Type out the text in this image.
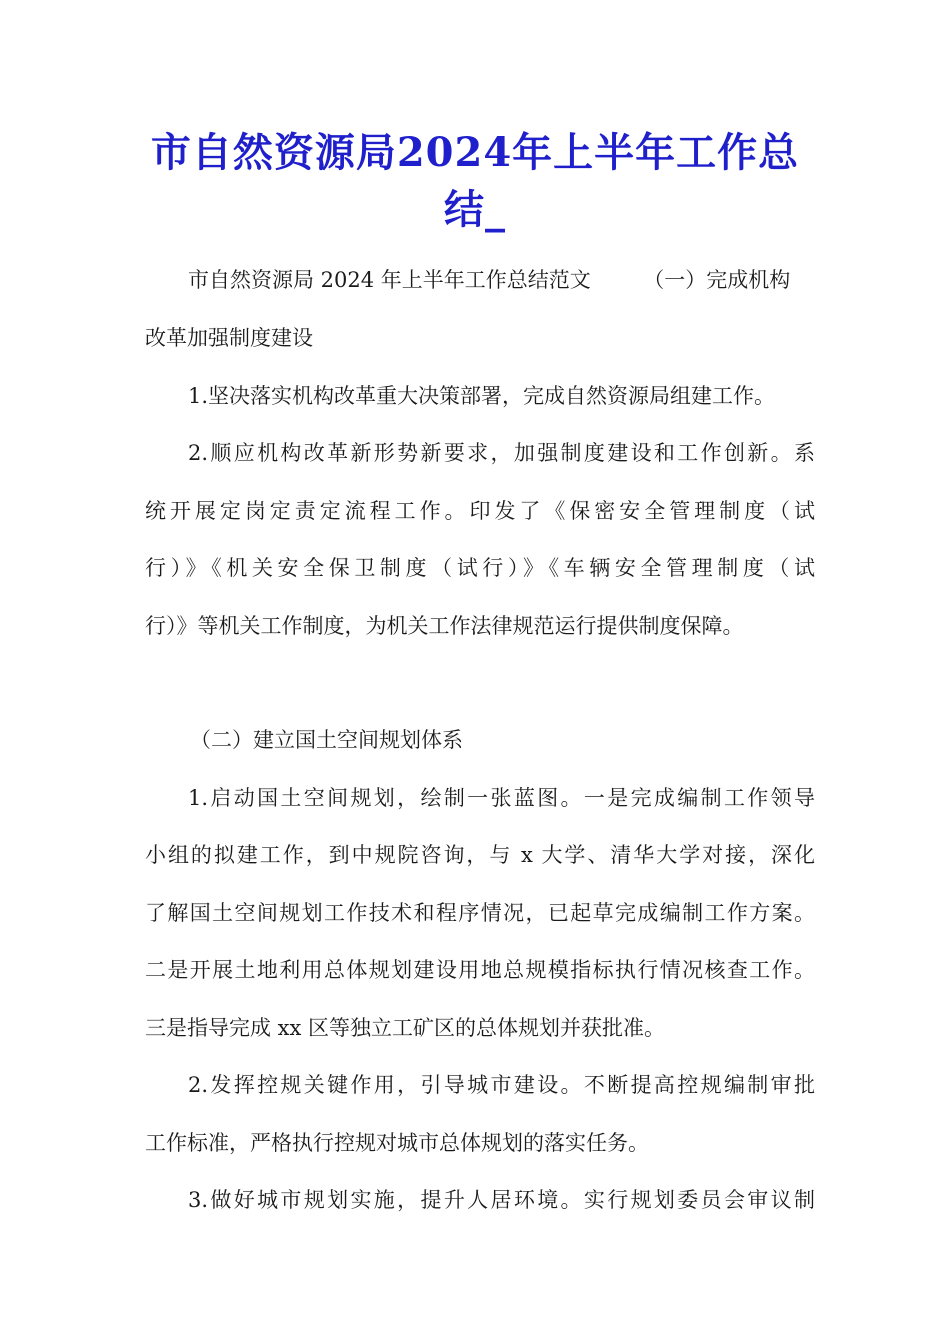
市自然资源局2024年上半年工作总
结_

市自然资源局 2024 年上半年工作总结范文　　　（一）完成机构

改革加强制度建设

1.坚决落实机构改革重大决策部署，完成自然资源局组建工作。

2.顺应机构改革新形势新要求，加强制度建设和工作创新。系

统开展定岗定责定流程工作。印发了《保密安全管理制度（试

行）》《机关安全保卫制度（试行）》《车辆安全管理制度（试

行）》等机关工作制度，为机关工作法律规范运行提供制度保障。

（二）建立国土空间规划体系

1.启动国土空间规划，绘制一张蓝图。一是完成编制工作领导

小组的拟建工作，到中规院咨询，与 x 大学、清华大学对接，深化

了解国土空间规划工作技术和程序情况，已起草完成编制工作方案。

二是开展土地利用总体规划建设用地总规模指标执行情况核查工作。

三是指导完成 xx 区等独立工矿区的总体规划并获批准。

2.发挥控规关键作用，引导城市建设。不断提高控规编制审批

工作标准，严格执行控规对城市总体规划的落实任务。

3.做好城市规划实施，提升人居环境。实行规划委员会审议制
